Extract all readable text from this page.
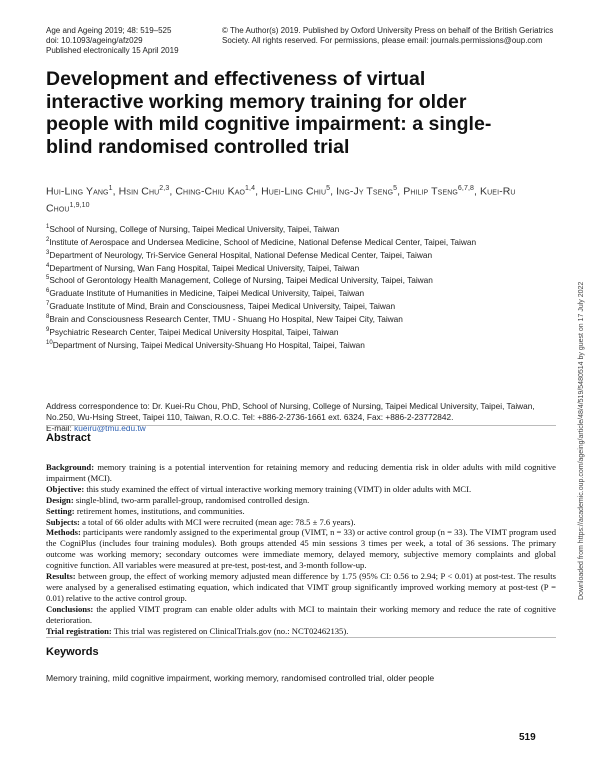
Age and Ageing 2019; 48: 519–525
doi: 10.1093/ageing/afz029
Published electronically 15 April 2019
© The Author(s) 2019. Published by Oxford University Press on behalf of the British Geriatrics Society. All rights reserved. For permissions, please email: journals.permissions@oup.com
Development and effectiveness of virtual interactive working memory training for older people with mild cognitive impairment: a single-blind randomised controlled trial
Hui-Ling Yang$^1$, Hsin Chu$^{2,3}$, Ching-Chiu Kao$^{1,4}$, Huei-Ling Chiu$^5$, Ing-Jy Tseng$^5$, Philip Tseng$^{6,7,8}$, Kuei-Ru Chou$^{1,9,10}$
$^1$School of Nursing, College of Nursing, Taipei Medical University, Taipei, Taiwan
$^2$Institute of Aerospace and Undersea Medicine, School of Medicine, National Defense Medical Center, Taipei, Taiwan
$^3$Department of Neurology, Tri-Service General Hospital, National Defense Medical Center, Taipei, Taiwan
$^4$Department of Nursing, Wan Fang Hospital, Taipei Medical University, Taipei, Taiwan
$^5$School of Gerontology Health Management, College of Nursing, Taipei Medical University, Taipei, Taiwan
$^6$Graduate Institute of Humanities in Medicine, Taipei Medical University, Taipei, Taiwan
$^7$Graduate Institute of Mind, Brain and Consciousness, Taipei Medical University, Taipei, Taiwan
$^8$Brain and Consciousness Research Center, TMU - Shuang Ho Hospital, New Taipei City, Taiwan
$^9$Psychiatric Research Center, Taipei Medical University Hospital, Taipei, Taiwan
$^{10}$Department of Nursing, Taipei Medical University-Shuang Ho Hospital, Taipei, Taiwan
Address correspondence to: Dr. Kuei-Ru Chou, PhD, School of Nursing, College of Nursing, Taipei Medical University, Taipei, Taiwan, No.250, Wu-Hsing Street, Taipei 110, Taiwan, R.O.C. Tel: +886-2-2736-1661 ext. 6324, Fax: +886-2-23772842.
E-mail: kueiru@tmu.edu.tw
Abstract

Background: memory training is a potential intervention for retaining memory and reducing dementia risk in older adults with mild cognitive impairment (MCI).

Objective: this study examined the effect of virtual interactive working memory training (VIMT) in older adults with MCI.

Design: single-blind, two-arm parallel-group, randomised controlled design.

Setting: retirement homes, institutions, and communities.

Subjects: a total of 66 older adults with MCI were recruited (mean age: 78.5 ± 7.6 years).

Methods: participants were randomly assigned to the experimental group (VIMT, n = 33) or active control group (n = 33). The VIMT program used the CogniPlus (includes four training modules). Both groups attended 45 min sessions 3 times per week, a total of 36 sessions. The primary outcome was working memory; secondary outcomes were immediate memory, delayed memory, subjective memory complaints and global cognitive function. All variables were measured at pre-test, post-test, and 3-month follow-up.

Results: between group, the effect of working memory adjusted mean difference by 1.75 (95% CI: 0.56 to 2.94; P < 0.01) at post-test. The results were analysed by a generalised estimating equation, which indicated that VIMT group significantly improved working memory at post-test (P = 0.01) relative to the active control group.

Conclusions: the applied VIMT program can enable older adults with MCI to maintain their working memory and reduce the rate of cognitive deterioration.

Trial registration: This trial was registered on ClinicalTrials.gov (no.: NCT02462135).

Keywords
Memory training, mild cognitive impairment, working memory, randomised controlled trial, older people
519
Downloaded from https://academic.oup.com/ageing/article/48/4/519/5480514 by guest on 17 July 2022
